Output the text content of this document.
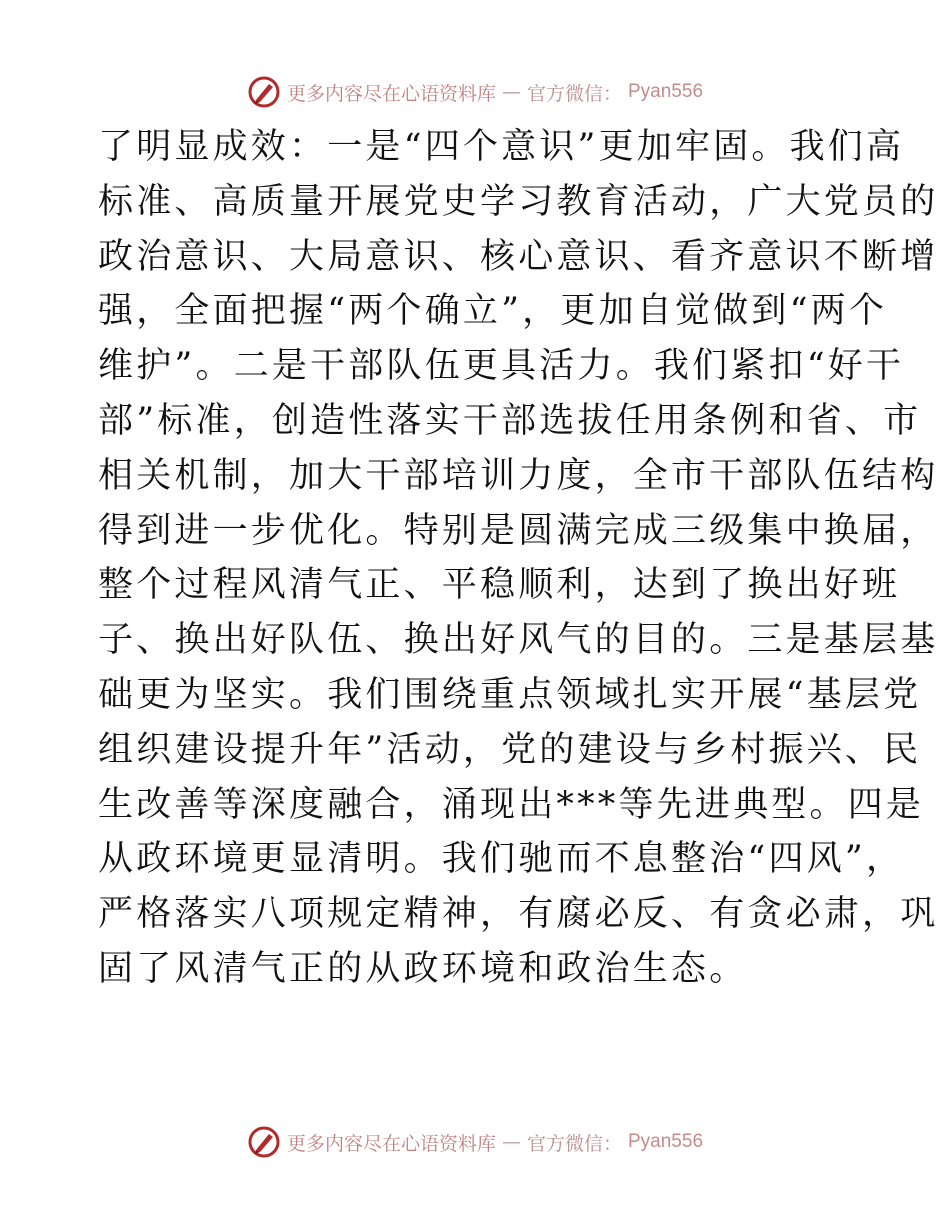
更多内容尽在心语资料库 — 官方微信： Pyan556
了明显成效：一是“四个意识”更加牢固。我们高
标准、高质量开展党史学习教育活动，广大党员的
政治意识、大局意识、核心意识、看齐意识不断增
强，全面把握“两个确立”，更加自觉做到“两个
维护”。二是干部队伍更具活力。我们紧扣“好干
部”标准，创造性落实干部选拔任用条例和省、市
相关机制，加大干部培训力度，全市干部队伍结构
得到进一步优化。特别是圆满完成三级集中换届，
整个过程风清气正、平稳顺利，达到了换出好班
子、换出好队伍、换出好风气的目的。三是基层基
础更为坚实。我们围绕重点领域扎实开展“基层党
组织建设提升年”活动，党的建设与乡村振兴、民
生改善等深度融合，涌现出***等先进典型。四是
从政环境更显清明。我们驰而不息整治“四风”，
严格落实八项规定精神，有腐必反、有贪必肃，巩
固了风清气正的从政环境和政治生态。
更多内容尽在心语资料库 — 官方微信： Pyan556
